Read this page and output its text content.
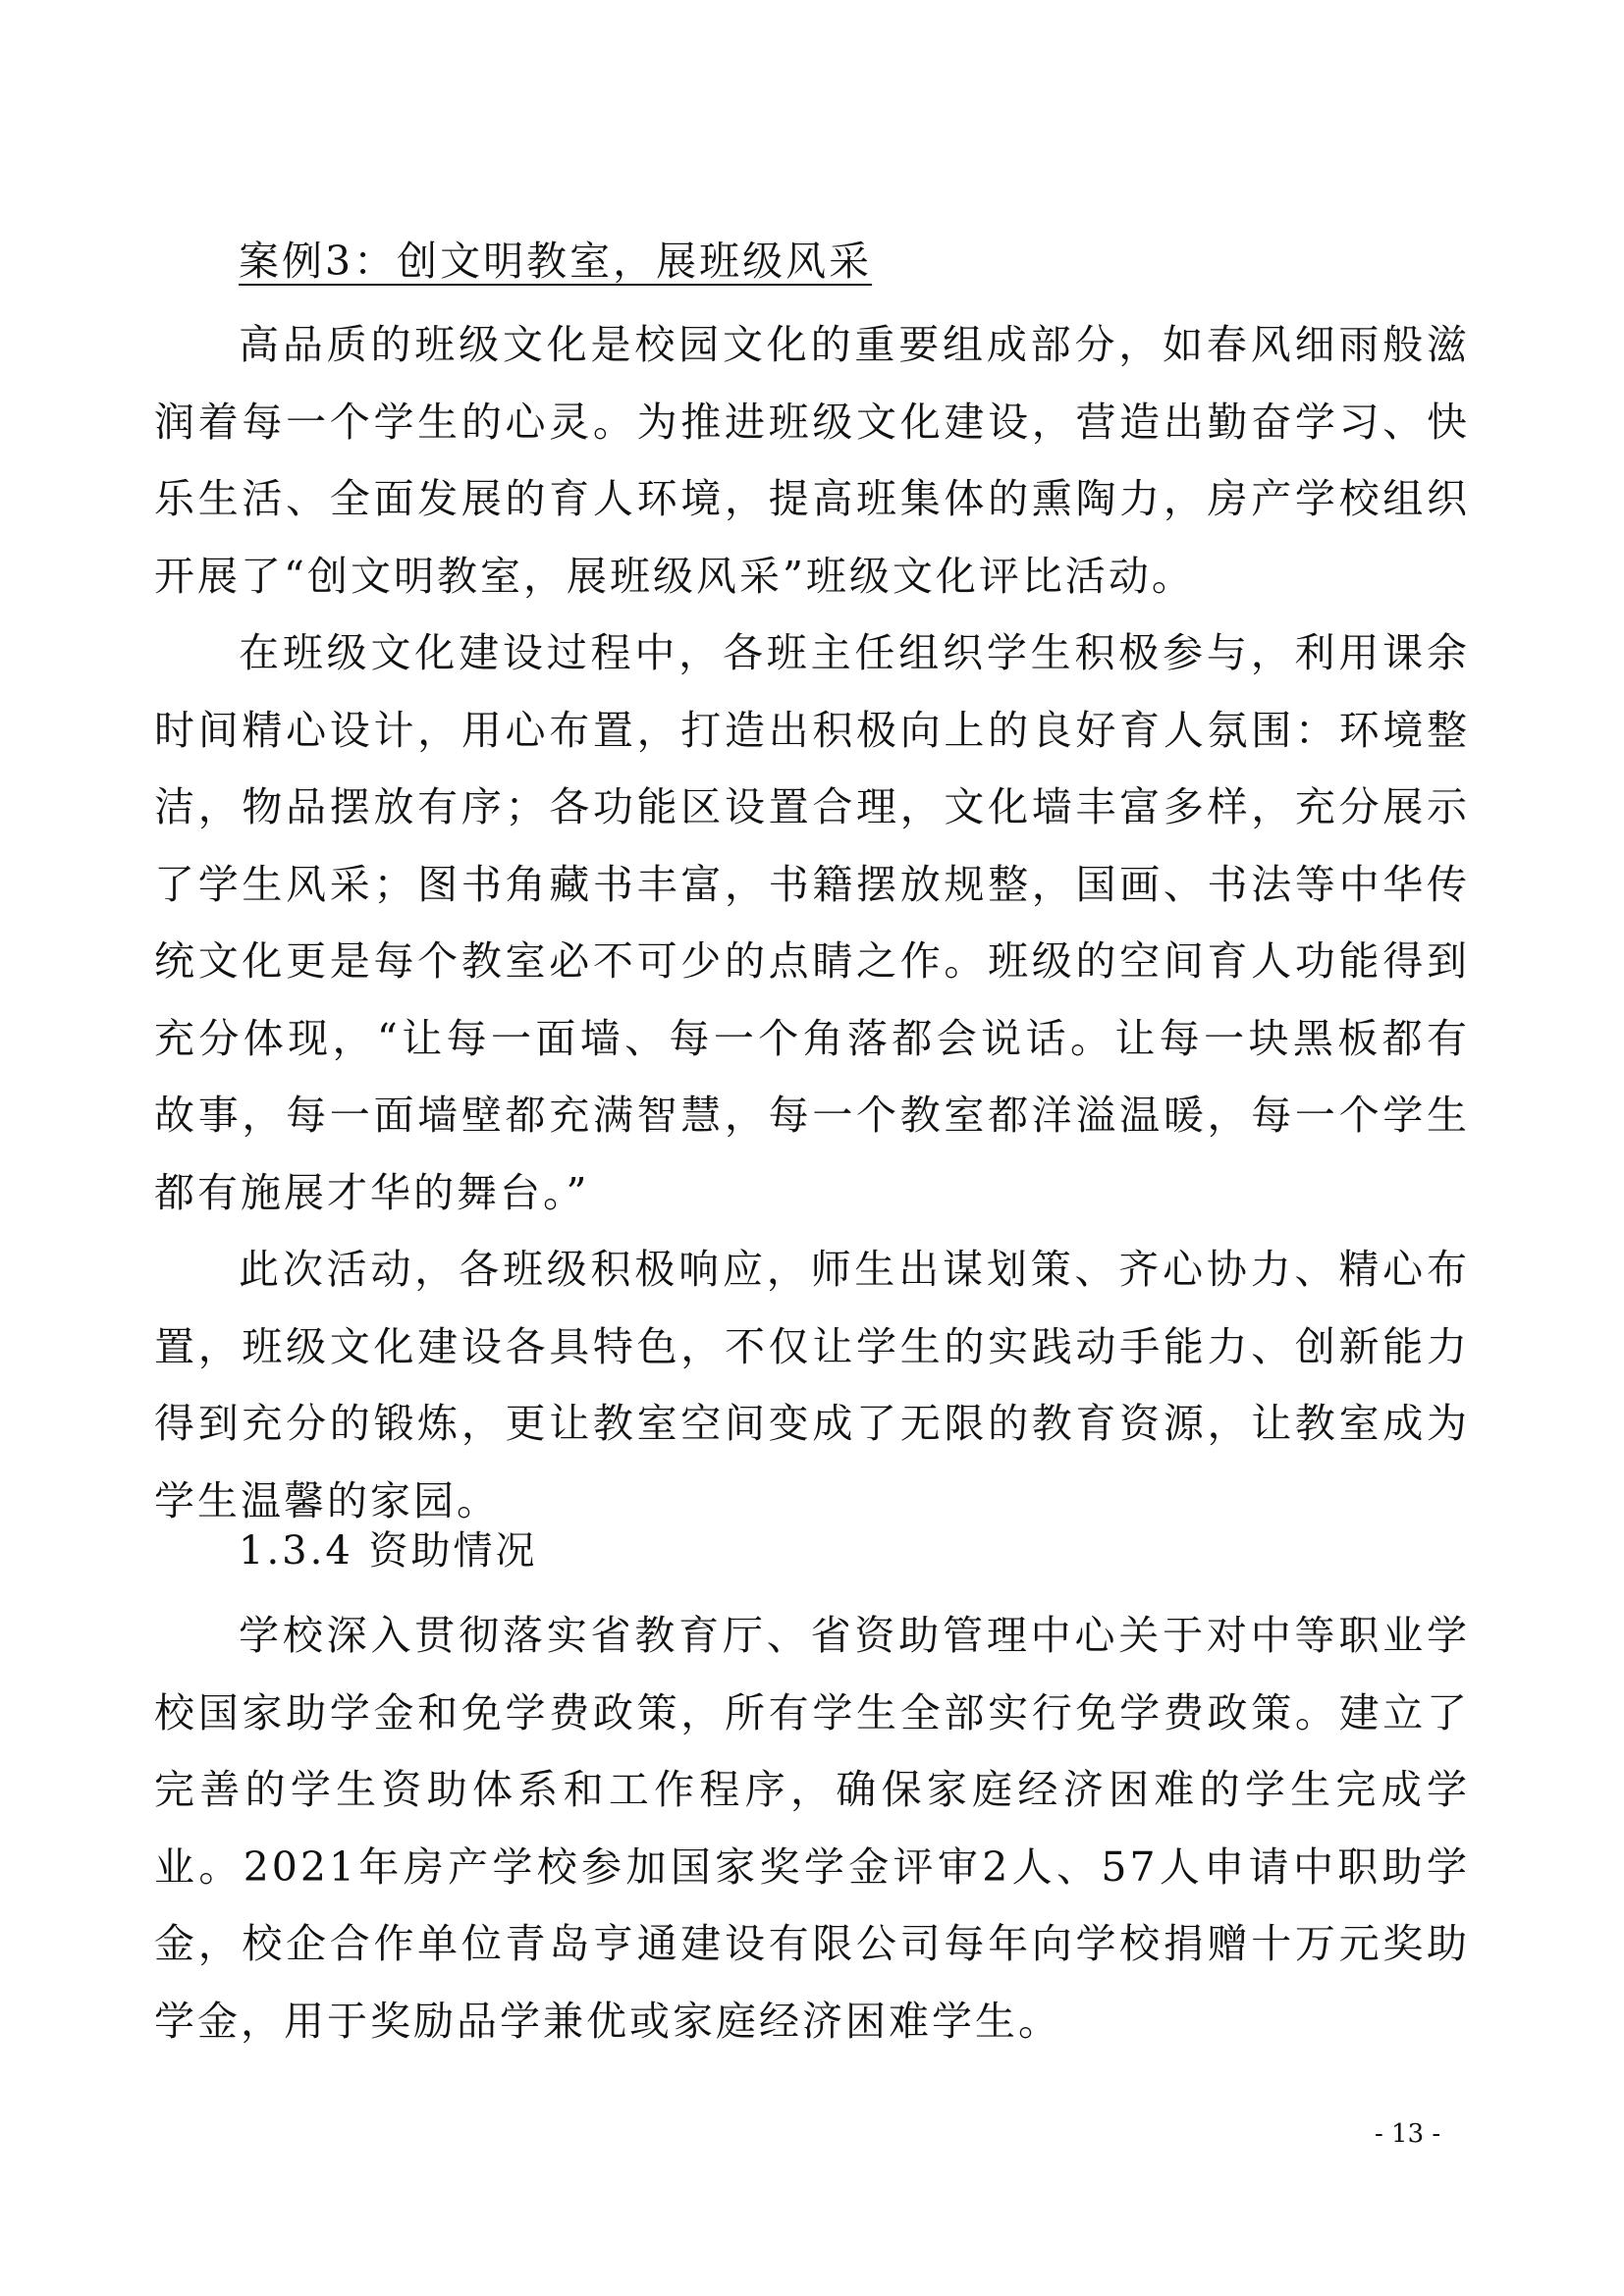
案例3：创文明教室，展班级风采

高品质的班级文化是校园文化的重要组成部分，如春风细雨般滋润着每一个学生的心灵。为推进班级文化建设，营造出勤奋学习、快乐生活、全面发展的育人环境，提高班集体的熏陶力，房产学校组织开展了“创文明教室，展班级风采”班级文化评比活动。

在班级文化建设过程中，各班主任组织学生积极参与，利用课余时间精心设计，用心布置，打造出积极向上的良好育人氛围：环境整洁，物品摆放有序；各功能区设置合理，文化墙丰富多样，充分展示了学生风采；图书角藏书丰富，书籍摆放规整，国画、书法等中华传统文化更是每个教室必不可少的点睛之作。班级的空间育人功能得到充分体现，“让每一面墙、每一个角落都会说话。让每一块黑板都有故事，每一面墙壁都充满智慧，每一个教室都洋溢温暖，每一个学生都有施展才华的舞台。”

此次活动，各班级积极响应，师生出谋划策、齐心协力、精心布置，班级文化建设各具特色，不仅让学生的实践动手能力、创新能力得到充分的锻炼，更让教室空间变成了无限的教育资源，让教室成为学生温馨的家园。

1.3.4 资助情况

学校深入贯彻落实省教育厅、省资助管理中心关于对中等职业学校国家助学金和免学费政策，所有学生全部实行免学费政策。建立了完善的学生资助体系和工作程序，确保家庭经济困难的学生完成学业。2021年房产学校参加国家奖学金评审2人、57人申请中职助学金，校企合作单位青岛亨通建设有限公司每年向学校捐赠十万元奖助学金，用于奖励品学兼优或家庭经济困难学生。

- 13 -
